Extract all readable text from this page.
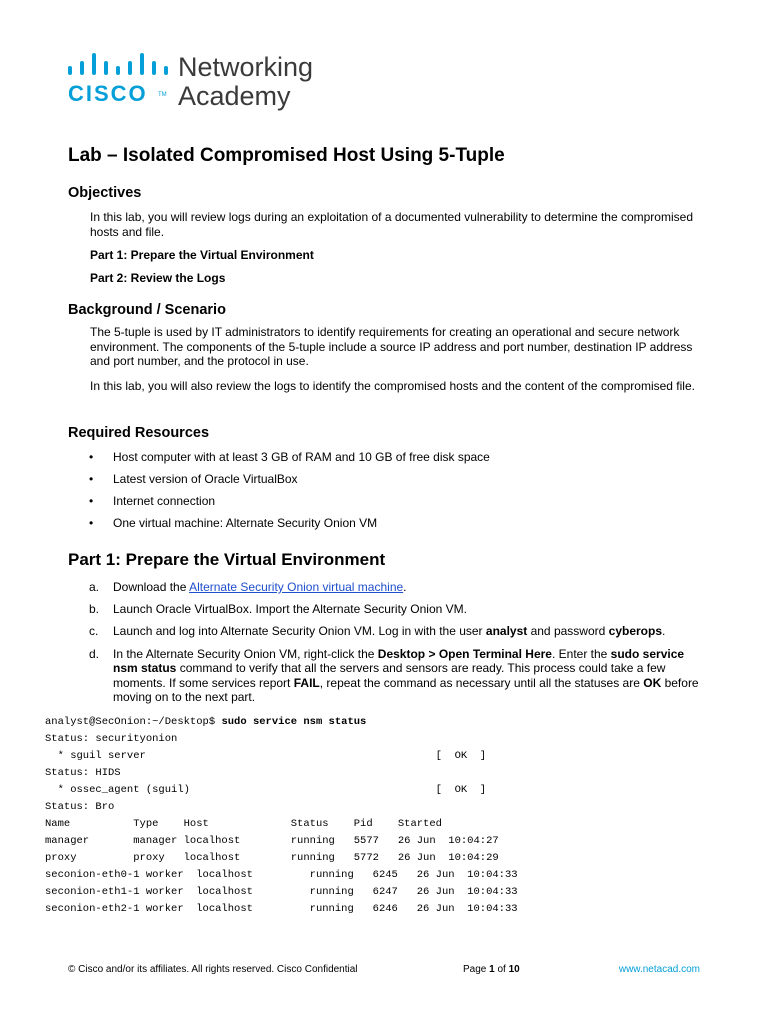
CISCO TM
Networking
Academy
Lab – Isolated Compromised Host Using 5-Tuple
Objectives

In this lab, you will review logs during an exploitation of a documented vulnerability to determine the compromised hosts and file.

Part 1: Prepare the Virtual Environment

Part 2: Review the Logs

Background / Scenario

The 5-tuple is used by IT administrators to identify requirements for creating an operational and secure network environment. The components of the 5-tuple include a source IP address and port number, destination IP address and port number, and the protocol in use.

In this lab, you will also review the logs to identify the compromised hosts and the content of the compromised file.

Required Resources
• Host computer with at least 3 GB of RAM and 10 GB of free disk space
• Latest version of Oracle VirtualBox
• Internet connection
• One virtual machine: Alternate Security Onion VM
Part 1: Prepare the Virtual Environment
a. Download the Alternate Security Onion virtual machine.
b. Launch Oracle VirtualBox. Import the Alternate Security Onion VM.
c. Launch and log into Alternate Security Onion VM. Log in with the user analyst and password cyberops.
d. In the Alternate Security Onion VM, right-click the Desktop > Open Terminal Here. Enter the sudo service nsm status command to verify that all the servers and sensors are ready. This process could take a few moments. If some services report FAIL, repeat the command as necessary until all the statuses are OK before moving on to the next part.
analyst@SecOnion:~/Desktop$ sudo service nsm status
Status: securityonion
* sguil server                                              [  OK  ]
Status: HIDS
* ossec_agent (sguil)                                       [  OK  ]
Status: Bro
Name          Type    Host             Status    Pid    Started
manager       manager localhost        running   5577   26 Jun  10:04:27
proxy         proxy   localhost        running   5772   26 Jun  10:04:29
seconion-eth0-1 worker  localhost         running   6245   26 Jun  10:04:33
seconion-eth1-1 worker  localhost         running   6247   26 Jun  10:04:33
seconion-eth2-1 worker  localhost         running   6246   26 Jun  10:04:33
© Cisco and/or its affiliates. All rights reserved. Cisco Confidential	Page 1 of 10	www.netacad.com
